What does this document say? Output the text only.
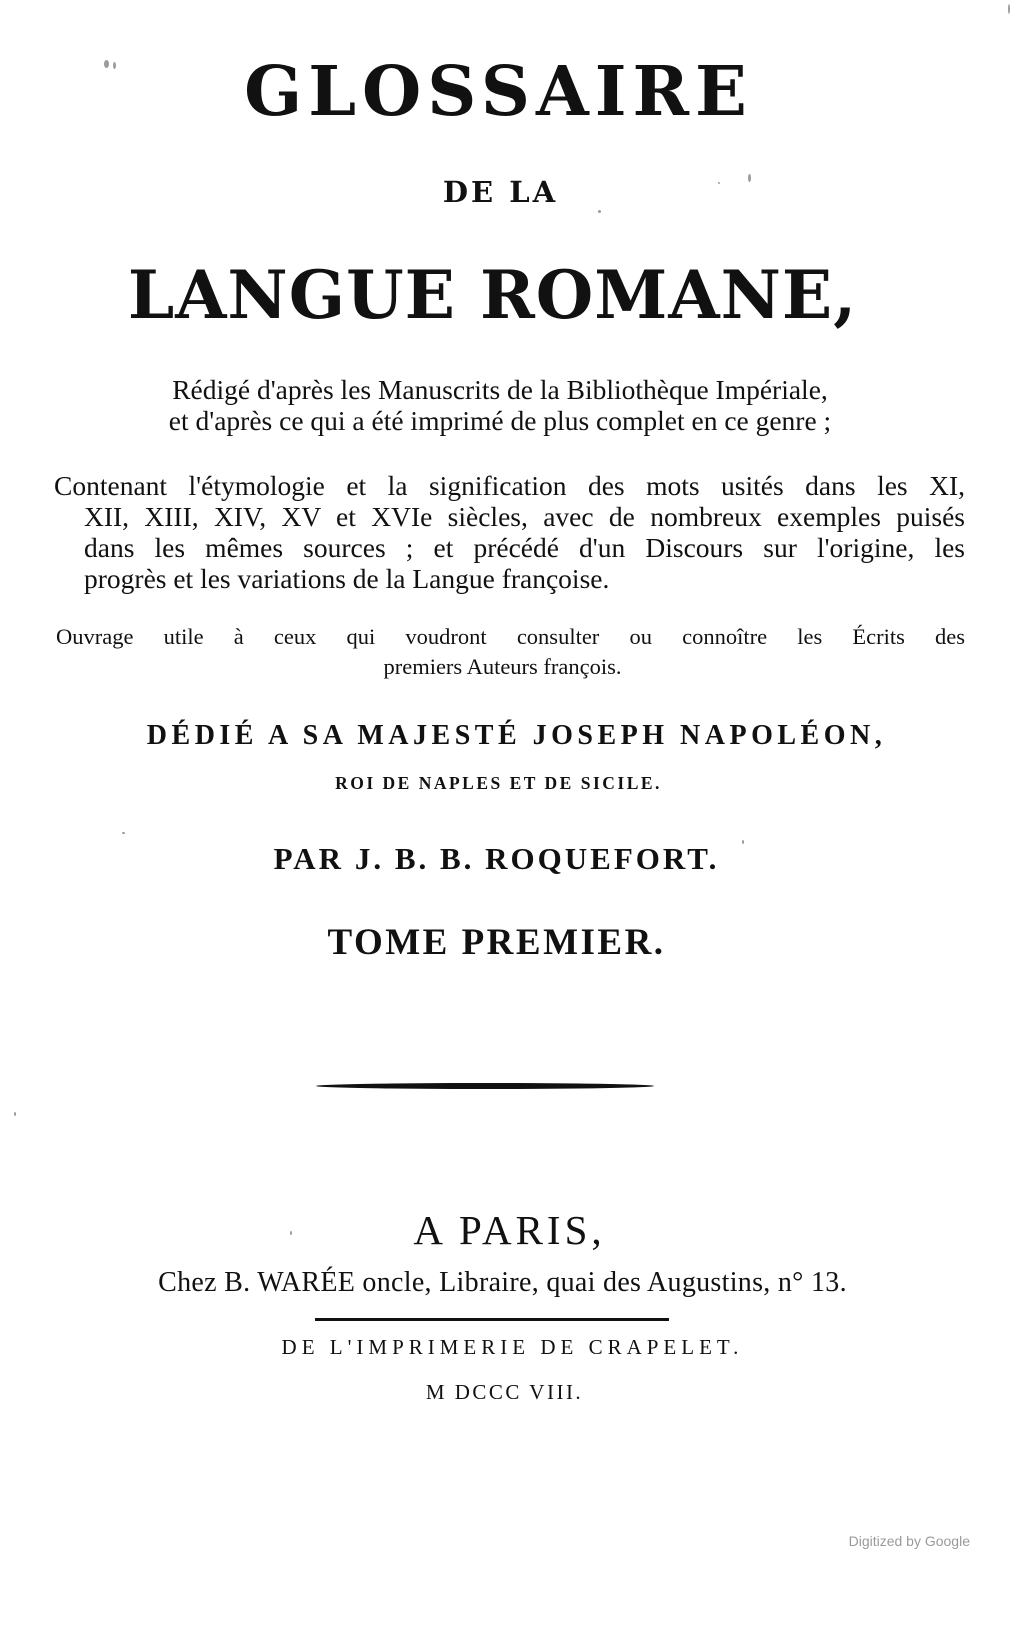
GLOSSAIRE
DE LA
LANGUE ROMANE,
Rédigé d'après les Manuscrits de la Bibliothèque Impériale,
et d'après ce qui a été imprimé de plus complet en ce genre ;
Contenant l'étymologie et la signification des mots usités dans les XI,
XII, XIII, XIV, XV et XVIe siècles, avec de nombreux exemples puisés
dans les mêmes sources ; et précédé d'un Discours sur l'origine, les
progrès et les variations de la Langue françoise.
Ouvrage utile à ceux qui voudront consulter ou connoître les Écrits des
premiers Auteurs françois.
DÉDIÉ A SA MAJESTÉ JOSEPH NAPOLÉON,
ROI DE NAPLES ET DE SICILE.
PAR J. B. B. ROQUEFORT.
TOME PREMIER.
A PARIS,
Chez B. WARÉE oncle, Libraire, quai des Augustins, n° 13.
DE L'IMPRIMERIE DE CRAPELET.
M DCCC VIII.
Digitized by Google
